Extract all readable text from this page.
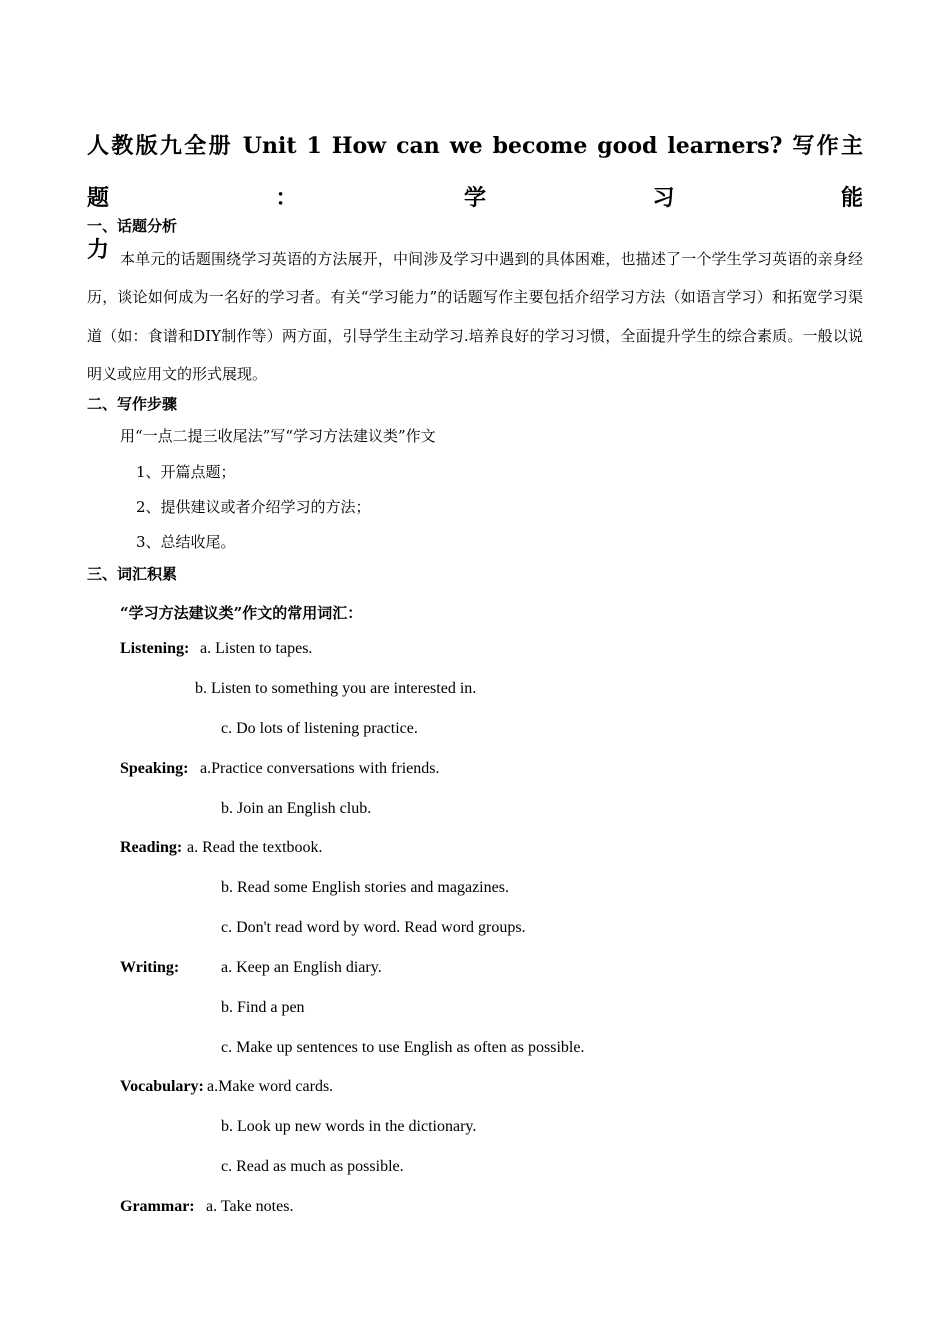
人教版九全册 Unit 1 How can we become good learners? 写作主题：学习能
力
一、话题分析
本单元的话题围绕学习英语的方法展开，中间涉及学习中遇到的具体困难，也描述了一个学生学习英语的亲身经历，谈论如何成为一名好的学习者。有关“学习能力”的话题写作主要包括介绍学习方法（如语言学习）和拓宽学习渠道（如：食谱和DIY制作等）两方面，引导学生主动学习.培养良好的学习习惯，全面提升学生的综合素质。一般以说明义或应用文的形式展现。
二、写作步骤
用“一点二提三收尾法”写“学习方法建议类”作文
1、开篇点题；
2、提供建议或者介绍学习的方法；
3、总结收尾。
三、词汇积累
“学习方法建议类”作文的常用词汇：
Listening: a. Listen to tapes.
b. Listen to something you are interested in.
c. Do lots of listening practice.
Speaking: a.Practice conversations with friends.
b. Join an English club.
Reading: a. Read the textbook.
b. Read some English stories and magazines.
c. Don't read word by word. Read word groups.
Writing:	a. Keep an English diary.
b. Find a pen
c. Make up sentences to use English as often as possible.
Vocabulary: a.Make word cards.
b. Look up new words in the dictionary.
c. Read as much as possible.
Grammar: a. Take notes.
